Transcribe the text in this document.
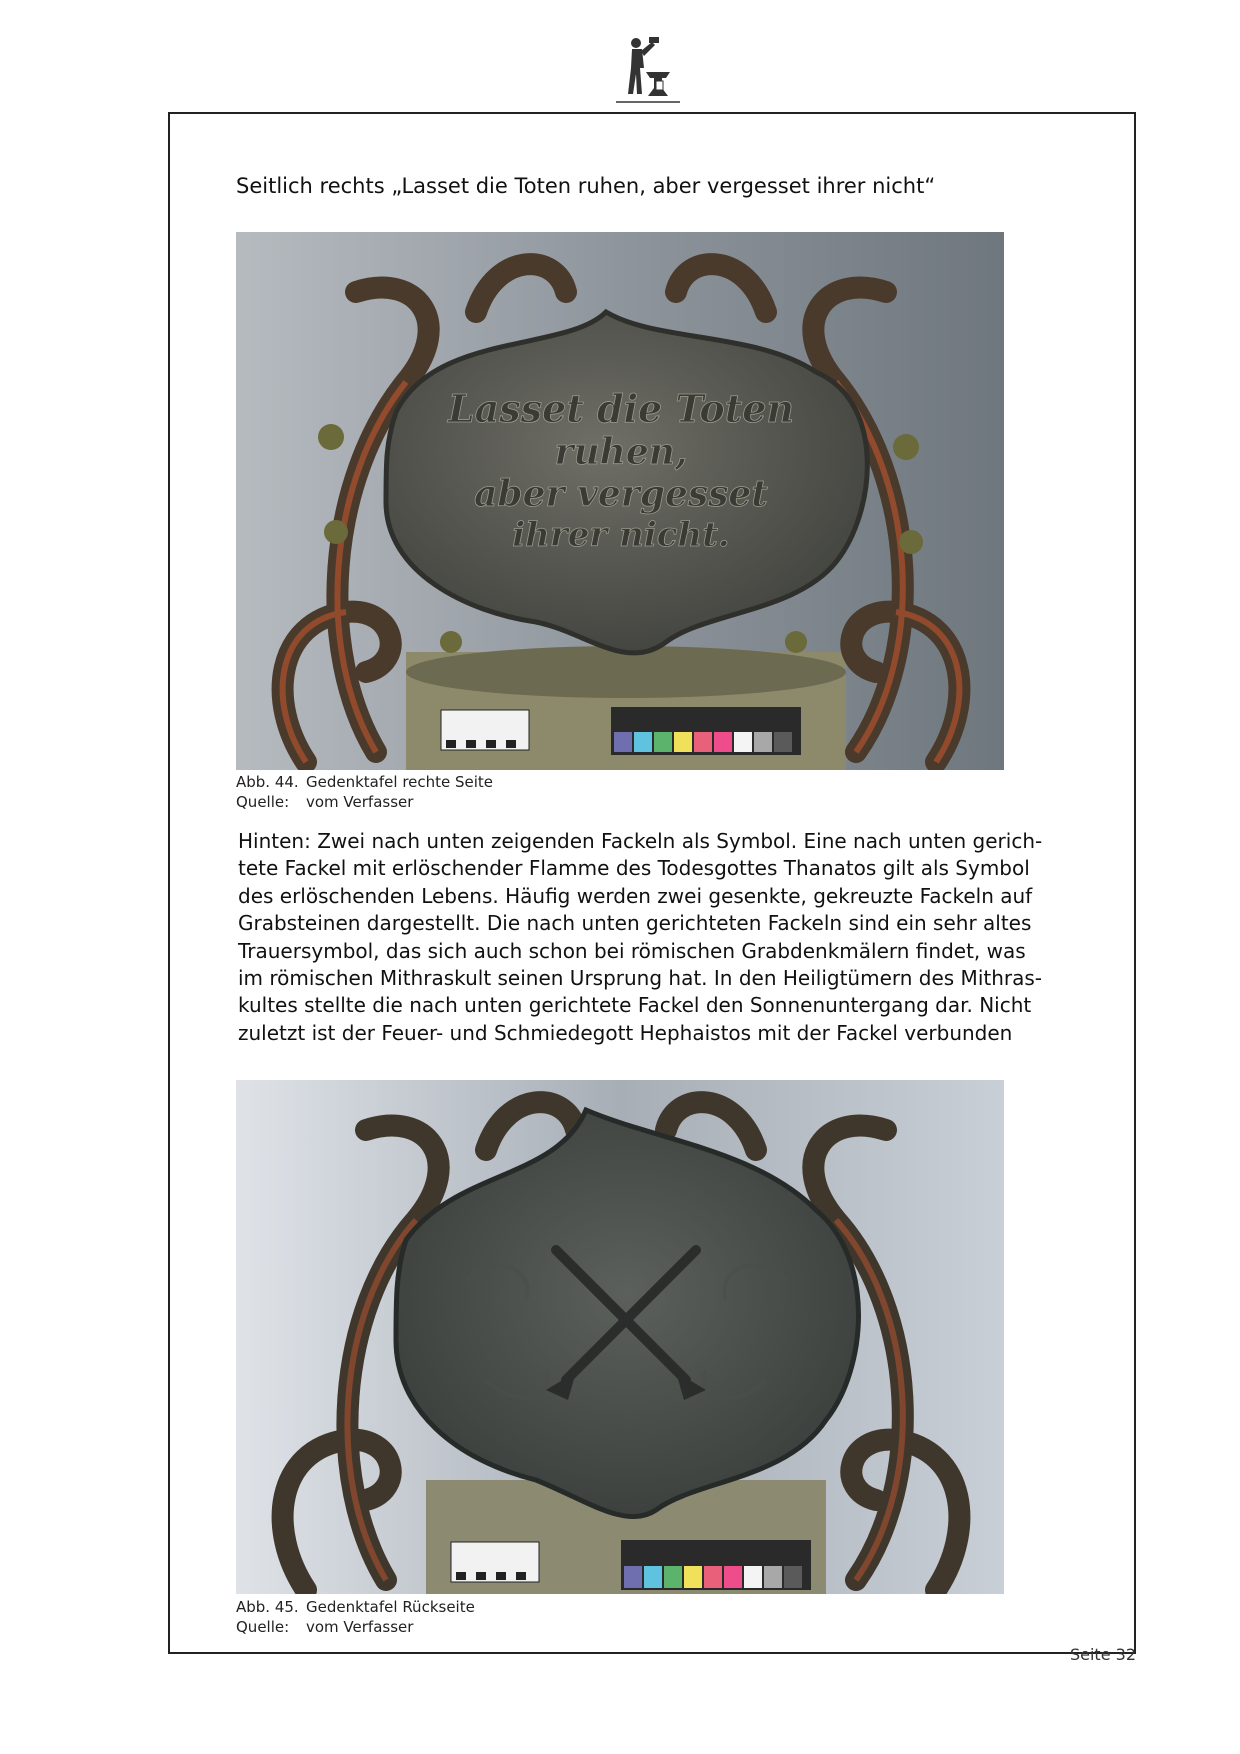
Seitlich rechts „Lasset die Toten ruhen, aber vergesset ihrer nicht“
Lasset die Toten
ruhen,
aber vergesset
ihrer nicht.
Abb. 44. Gedenktafel rechte Seite
Quelle: vom Verfasser
Hinten: Zwei nach unten zeigenden Fackeln als Symbol. Eine nach unten gerich-
tete Fackel mit erlöschender Flamme des Todesgottes Thanatos gilt als Symbol
des erlöschenden Lebens. Häufig werden zwei gesenkte, gekreuzte Fackeln auf
Grabsteinen dargestellt. Die nach unten gerichteten Fackeln sind ein sehr altes
Trauersymbol, das sich auch schon bei römischen Grabdenkmälern findet, was
im römischen Mithraskult seinen Ursprung hat. In den Heiligtümern des Mithras-
kultes stellte die nach unten gerichtete Fackel den Sonnenuntergang dar. Nicht
zuletzt ist der Feuer- und Schmiedegott Hephaistos mit der Fackel verbunden
Abb. 45. Gedenktafel Rückseite
Quelle: vom Verfasser
Seite 32
